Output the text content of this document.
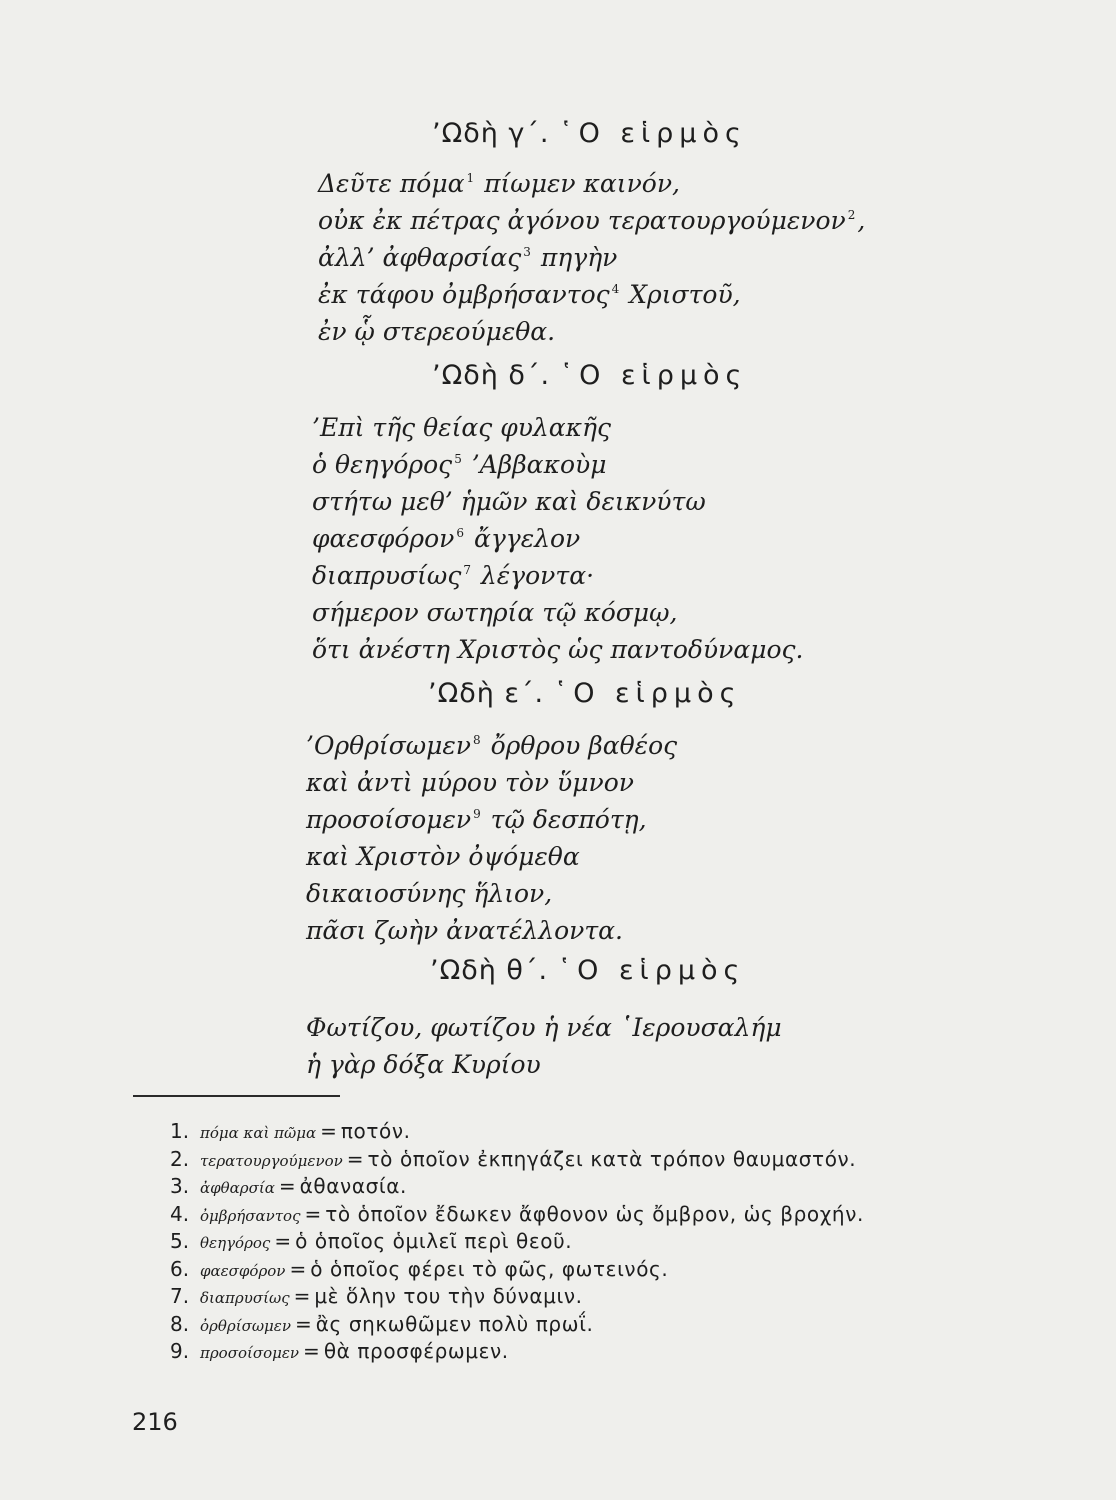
’Ωδὴ γ΄. ῾Ο εἱρμὸς
Δεῦτε πόμα $^1$ πίωμεν καινόν,
οὐκ ἐκ πέτρας ἀγόνου τερατουργούμενον $^2$,
ἀλλ’ ἀφθαρσίας $^3$ πηγὴν
ἐκ τάφου ὀμβρήσαντος $^4$ Χριστοῦ,
ἐν ᾧ στερεούμεθα.
’Ωδὴ δ΄. ῾Ο εἱρμὸς
’Επὶ τῆς θείας φυλακῆς
ὁ θεηγόρος $^5$ ’Αββακοὺμ
στήτω μεθ’ ἡμῶν καὶ δεικνύτω
φαεσφόρον $^6$ ἄγγελον
διαπρυσίως $^7$ λέγοντα·
σήμερον σωτηρία τῷ κόσμῳ,
ὅτι ἀνέστη Χριστὸς ὡς παντοδύναμος.
’Ωδὴ ε΄. ῾Ο εἱρμὸς
’Ορθρίσωμεν $^8$ ὄρθρου βαθέος
καὶ ἀντὶ μύρου τὸν ὕμνον
προσοίσομεν $^9$ τῷ δεσπότῃ,
καὶ Χριστὸν ὀψόμεθα
δικαιοσύνης ἥλιον,
πᾶσι ζωὴν ἀνατέλλοντα.
’Ωδὴ θ΄. ῾Ο εἱρμὸς
Φωτίζου, φωτίζου ἡ νέα ῾Ιερουσαλήμ
ἡ γὰρ δόξα Κυρίου
1. πόμα καὶ πῶμα = ποτόν.
2. τερατουργούμενον = τὸ ὁποῖον ἐκπηγάζει κατὰ τρόπον θαυμαστόν.
3. ἀφθαρσία = ἀθανασία.
4. ὀμβρήσαντος = τὸ ὁποῖον ἔδωκεν ἄφθονον ὡς ὄμβρον, ὡς βροχήν.
5. θεηγόρος = ὁ ὁποῖος ὁμιλεῖ περὶ θεοῦ.
6. φαεσφόρον = ὁ ὁποῖος φέρει τὸ φῶς, φωτεινός.
7. διαπρυσίως = μὲ ὅλην του τὴν δύναμιν.
8. ὀρθρίσωμεν = ἂς σηκωθῶμεν πολὺ πρωΐ.
9. προσοίσομεν = θὰ προσφέρωμεν.
216
